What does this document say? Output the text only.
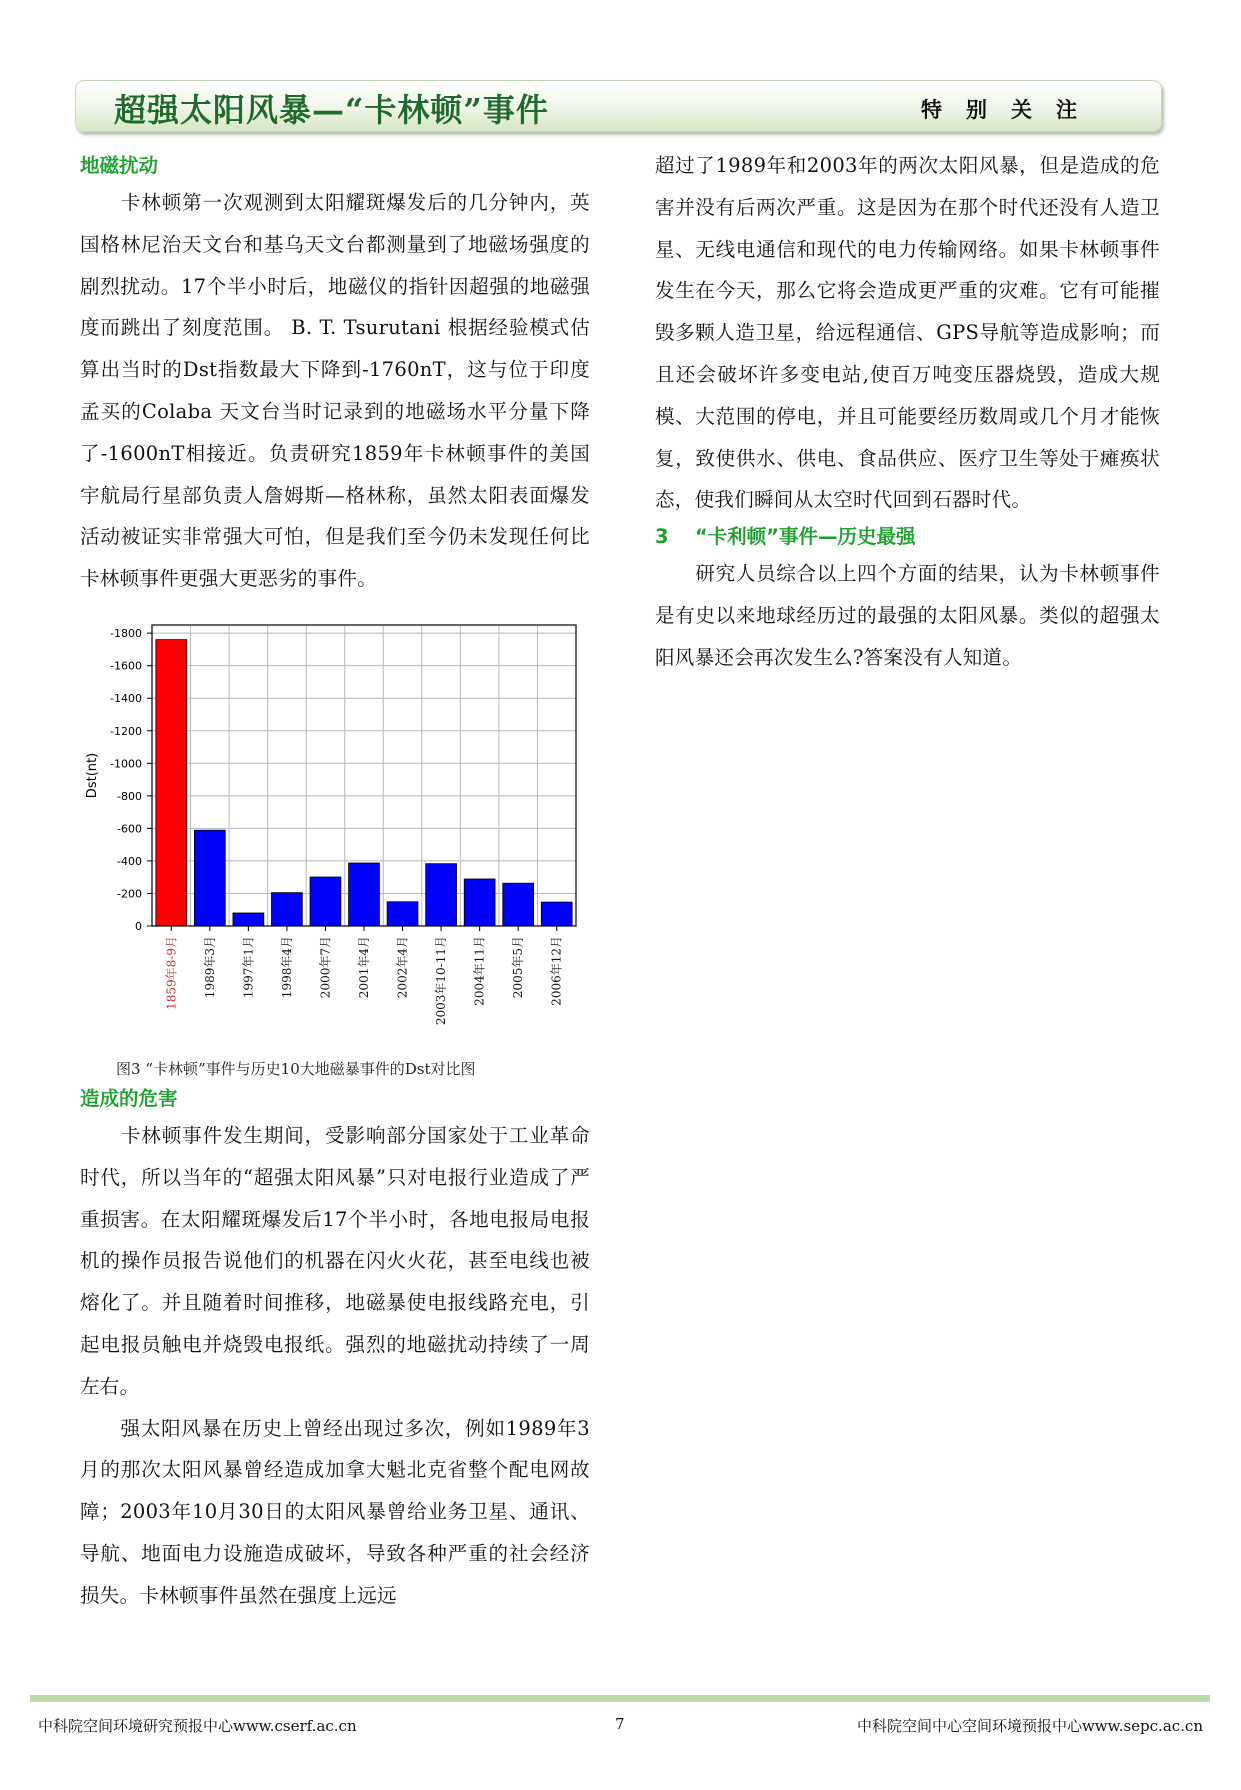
超强太阳风暴—“卡林顿”事件	特别关注
地磁扰动

　　卡林顿第一次观测到太阳耀斑爆发后的几分钟内，英国格林尼治天文台和基乌天文台都测量到了地磁场强度的剧烈扰动。17个半小时后，地磁仪的指针因超强的地磁强度而跳出了刻度范围。 B. T. Tsurutani 根据经验模式估算出当时的Dst指数最大下降到-1760nT，这与位于印度孟买的Colaba 天文台当时记录到的地磁场水平分量下降了-1600nT相接近。负责研究1859年卡林顿事件的美国宇航局行星部负责人詹姆斯—格林称，虽然太阳表面爆发活动被证实非常强大可怕，但是我们至今仍未发现任何比卡林顿事件更强大更恶劣的事件。

-1800
-1600
-1400
-1200
-1000
-800
-600
-400
-200
0
Dst(nt)
1859年8-9月 1989年3月 1997年1月 1998年4月 2000年7月 2001年4月 2002年4月 2003年10-11月 2004年11月 2005年5月 2006年12月
图3 “卡林顿”事件与历史10大地磁暴事件的Dst对比图
造成的危害

　　卡林顿事件发生期间，受影响部分国家处于工业革命时代，所以当年的“超强太阳风暴”只对电报行业造成了严重损害。在太阳耀斑爆发后17个半小时，各地电报局电报机的操作员报告说他们的机器在闪火火花，甚至电线也被熔化了。并且随着时间推移，地磁暴使电报线路充电，引起电报员触电并烧毁电报纸。强烈的地磁扰动持续了一周左右。

　　强太阳风暴在历史上曾经出现过多次，例如1989年3月的那次太阳风暴曾经造成加拿大魁北克省整个配电网故障；2003年10月30日的太阳风暴曾给业务卫星、通讯、导航、地面电力设施造成破坏，导致各种严重的社会经济损失。卡林顿事件虽然在强度上远远

超过了1989年和2003年的两次太阳风暴，但是造成的危害并没有后两次严重。这是因为在那个时代还没有人造卫星、无线电通信和现代的电力传输网络。如果卡林顿事件发生在今天，那么它将会造成更严重的灾难。它有可能摧毁多颗人造卫星，给远程通信、GPS导航等造成影响；而且还会破坏许多变电站,使百万吨变压器烧毁，造成大规模、大范围的停电，并且可能要经历数周或几个月才能恢复，致使供水、供电、食品供应、医疗卫生等处于瘫痪状态，使我们瞬间从太空时代回到石器时代。

3　 “卡利顿”事件—历史最强

　　研究人员综合以上四个方面的结果，认为卡林顿事件是有史以来地球经历过的最强的太阳风暴。类似的超强太阳风暴还会再次发生么?答案没有人知道。

中科院空间环境研究预报中心www.cserf.ac.cn	7	中科院空间中心空间环境预报中心www.sepc.ac.cn
